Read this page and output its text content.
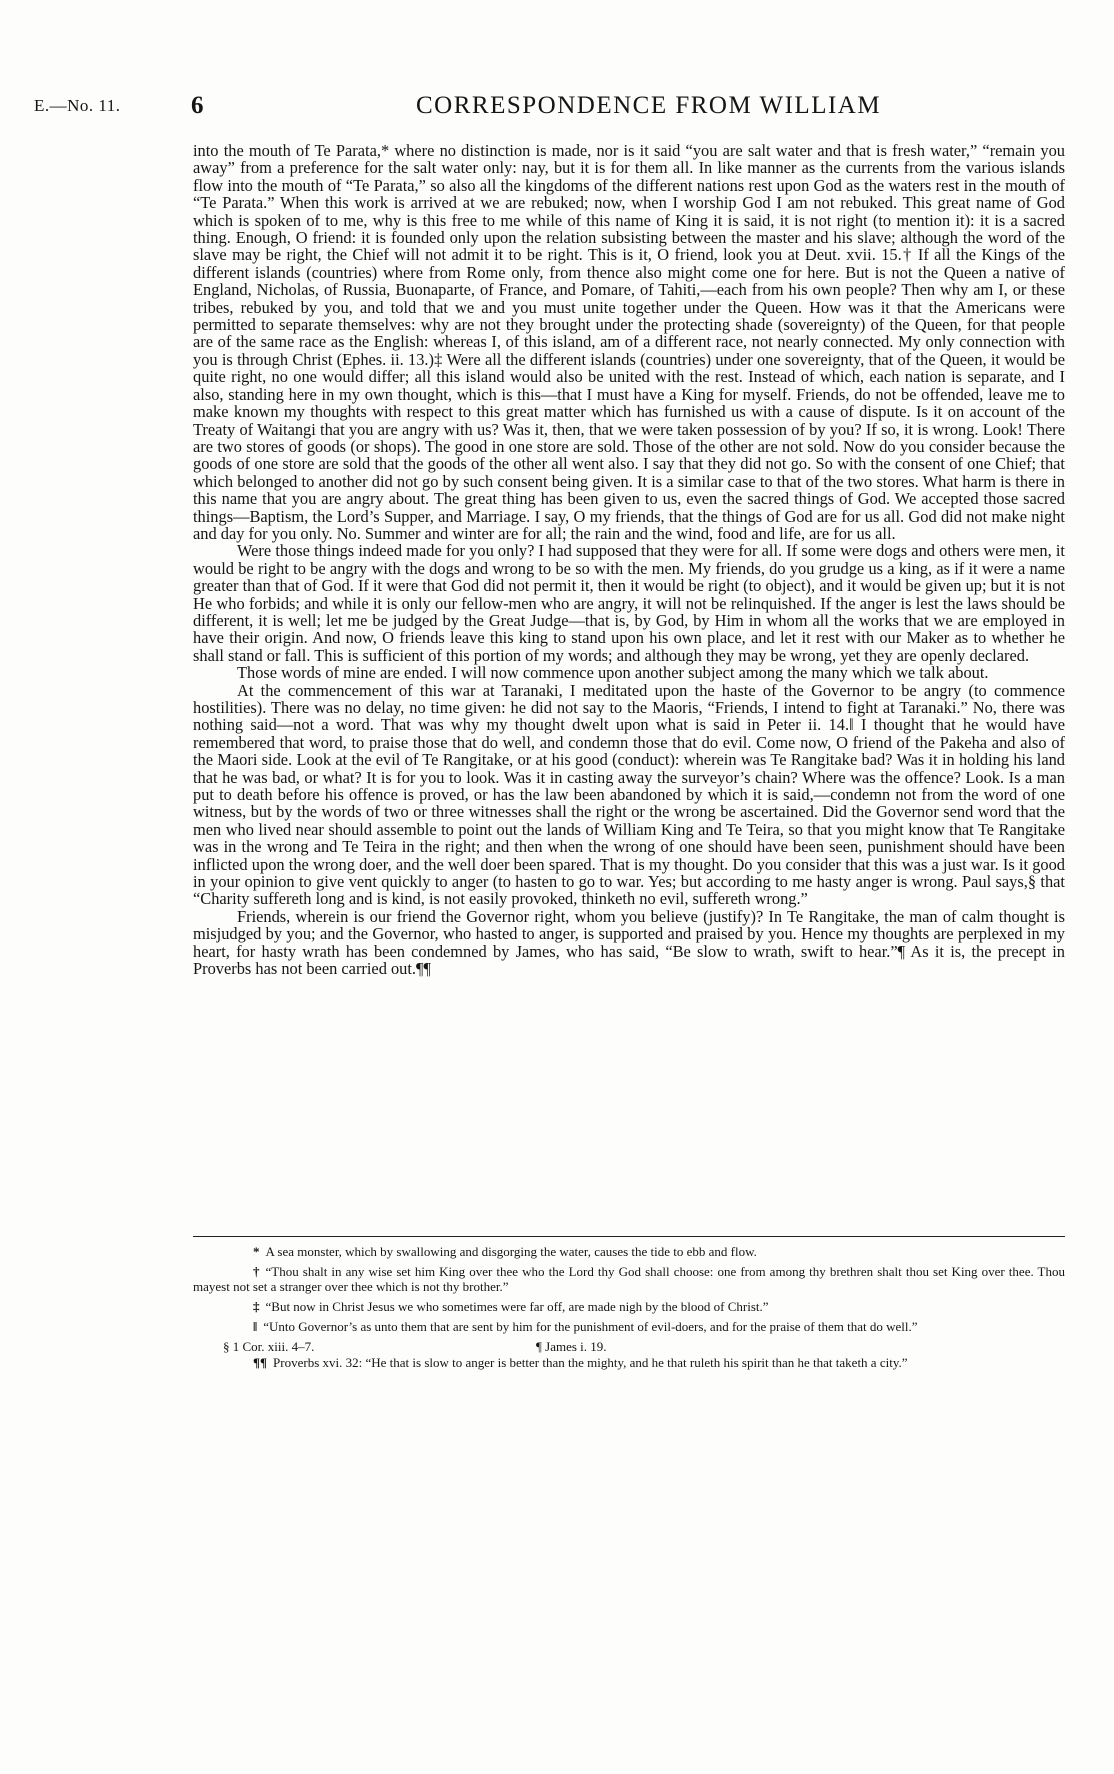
E.—No. 11.	6	CORRESPONDENCE FROM WILLIAM

into the mouth of Te Parata,* where no distinction is made, nor is it said “you are salt water and that is fresh water,” “remain you away” from a preference for the salt water only: nay, but it is for them all. In like manner as the currents from the various islands flow into the mouth of “Te Parata,” so also all the kingdoms of the different nations rest upon God as the waters rest in the mouth of “Te Parata.” When this work is arrived at we are rebuked; now, when I worship God I am not rebuked. This great name of God which is spoken of to me, why is this free to me while of this name of King it is said, it is not right (to mention it): it is a sacred thing. Enough, O friend: it is founded only upon the relation subsisting between the master and his slave; although the word of the slave may be right, the Chief will not admit it to be right. This is it, O friend, look you at Deut. xvii. 15.† If all the Kings of the different islands (countries) where from Rome only, from thence also might come one for here. But is not the Queen a native of England, Nicholas, of Russia, Buonaparte, of France, and Pomare, of Tahiti,—each from his own people? Then why am I, or these tribes, rebuked by you, and told that we and you must unite together under the Queen. How was it that the Americans were permitted to separate themselves: why are not they brought under the protecting shade (sovereignty) of the Queen, for that people are of the same race as the English: whereas I, of this island, am of a different race, not nearly connected. My only connection with you is through Christ (Ephes. ii. 13.)‡ Were all the different islands (countries) under one sovereignty, that of the Queen, it would be quite right, no one would differ; all this island would also be united with the rest. Instead of which, each nation is separate, and I also, standing here in my own thought, which is this—that I must have a King for myself. Friends, do not be offended, leave me to make known my thoughts with respect to this great matter which has furnished us with a cause of dispute. Is it on account of the Treaty of Waitangi that you are angry with us? Was it, then, that we were taken possession of by you? If so, it is wrong. Look! There are two stores of goods (or shops). The good in one store are sold. Those of the other are not sold. Now do you consider because the goods of one store are sold that the goods of the other all went also. I say that they did not go. So with the consent of one Chief; that which belonged to another did not go by such consent being given. It is a similar case to that of the two stores. What harm is there in this name that you are angry about. The great thing has been given to us, even the sacred things of God. We accepted those sacred things—Baptism, the Lord’s Supper, and Marriage. I say, O my friends, that the things of God are for us all. God did not make night and day for you only. No. Summer and winter are for all; the rain and the wind, food and life, are for us all.

Were those things indeed made for you only? I had supposed that they were for all. If some were dogs and others were men, it would be right to be angry with the dogs and wrong to be so with the men. My friends, do you grudge us a king, as if it were a name greater than that of God. If it were that God did not permit it, then it would be right (to object), and it would be given up; but it is not He who forbids; and while it is only our fellow-men who are angry, it will not be relinquished. If the anger is lest the laws should be different, it is well; let me be judged by the Great Judge—that is, by God, by Him in whom all the works that we are employed in have their origin. And now, O friends leave this king to stand upon his own place, and let it rest with our Maker as to whether he shall stand or fall. This is sufficient of this portion of my words; and although they may be wrong, yet they are openly declared.

Those words of mine are ended. I will now commence upon another subject among the many which we talk about.

At the commencement of this war at Taranaki, I meditated upon the haste of the Governor to be angry (to commence hostilities). There was no delay, no time given: he did not say to the Maoris, “Friends, I intend to fight at Taranaki.” No, there was nothing said—not a word. That was why my thought dwelt upon what is said in Peter ii. 14.‖ I thought that he would have remembered that word, to praise those that do well, and condemn those that do evil. Come now, O friend of the Pakeha and also of the Maori side. Look at the evil of Te Rangitake, or at his good (conduct): wherein was Te Rangitake bad? Was it in holding his land that he was bad, or what? It is for you to look. Was it in casting away the surveyor’s chain? Where was the offence? Look. Is a man put to death before his offence is proved, or has the law been abandoned by which it is said,—condemn not from the word of one witness, but by the words of two or three witnesses shall the right or the wrong be ascertained. Did the Governor send word that the men who lived near should assemble to point out the lands of William King and Te Teira, so that you might know that Te Rangitake was in the wrong and Te Teira in the right; and then when the wrong of one should have been seen, punishment should have been inflicted upon the wrong doer, and the well doer been spared. That is my thought. Do you consider that this was a just war. Is it good in your opinion to give vent quickly to anger (to hasten to go to war. Yes; but according to me hasty anger is wrong. Paul says,§ that “Charity suffereth long and is kind, is not easily provoked, thinketh no evil, suffereth wrong.”

Friends, wherein is our friend the Governor right, whom you believe (justify)? In Te Rangitake, the man of calm thought is misjudged by you; and the Governor, who hasted to anger, is supported and praised by you. Hence my thoughts are perplexed in my heart, for hasty wrath has been condemned by James, who has said, “Be slow to wrath, swift to hear.”¶ As it is, the precept in Proverbs has not been carried out.¶¶

* A sea monster, which by swallowing and disgorging the water, causes the tide to ebb and flow.

† “Thou shalt in any wise set him King over thee who the Lord thy God shall choose: one from among thy brethren shalt thou set King over thee. Thou mayest not set a stranger over thee which is not thy brother.”

‡ “But now in Christ Jesus we who sometimes were far off, are made nigh by the blood of Christ.”

‖ “Unto Governor’s as unto them that are sent by him for the punishment of evil-doers, and for the praise of them that do well.”

§ 1 Cor. xiii. 4–7.	¶ James i. 19.

¶¶ Proverbs xvi. 32: “He that is slow to anger is better than the mighty, and he that ruleth his spirit than he that taketh a city.”
